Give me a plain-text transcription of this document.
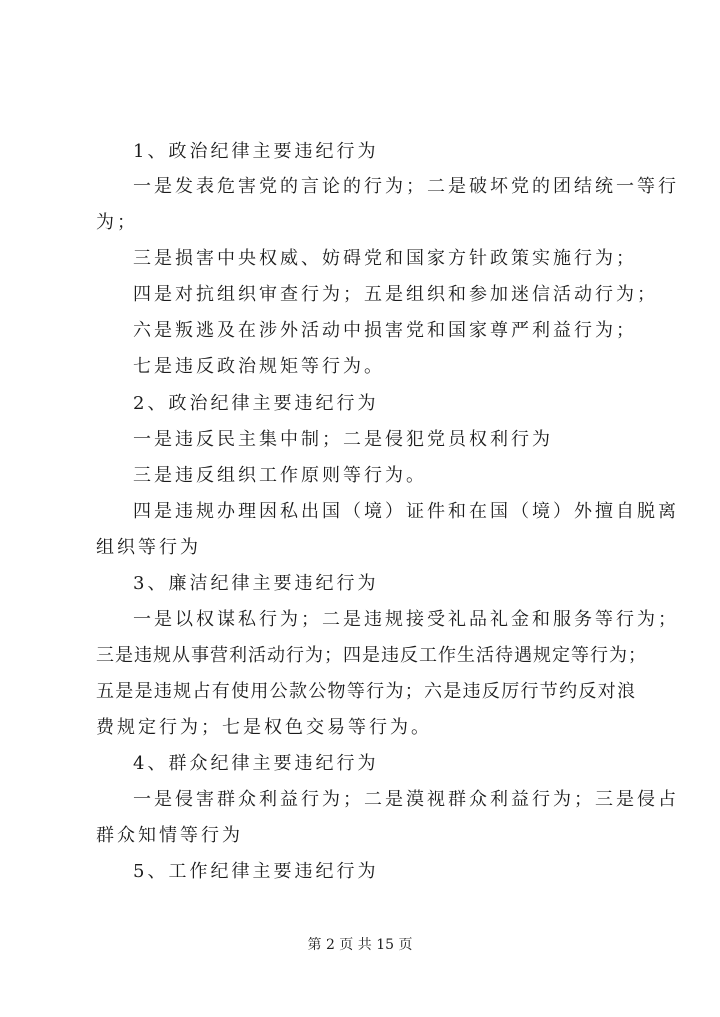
1、政治纪律主要违纪行为
一是发表危害党的言论的行为；二是破坏党的团结统一等行
为；
三是损害中央权威、妨碍党和国家方针政策实施行为；
四是对抗组织审查行为；五是组织和参加迷信活动行为；
六是叛逃及在涉外活动中损害党和国家尊严利益行为；
七是违反政治规矩等行为。
2、政治纪律主要违纪行为
一是违反民主集中制；二是侵犯党员权利行为
三是违反组织工作原则等行为。
四是违规办理因私出国（境）证件和在国（境）外擅自脱离
组织等行为
3、廉洁纪律主要违纪行为
一是以权谋私行为；二是违规接受礼品礼金和服务等行为；
三是违规从事营利活动行为；四是违反工作生活待遇规定等行为；
五是是违规占有使用公款公物等行为；六是违反厉行节约反对浪
费规定行为；七是权色交易等行为。
4、群众纪律主要违纪行为
一是侵害群众利益行为；二是漠视群众利益行为；三是侵占
群众知情等行为
5、工作纪律主要违纪行为
第 2 页 共 15 页
